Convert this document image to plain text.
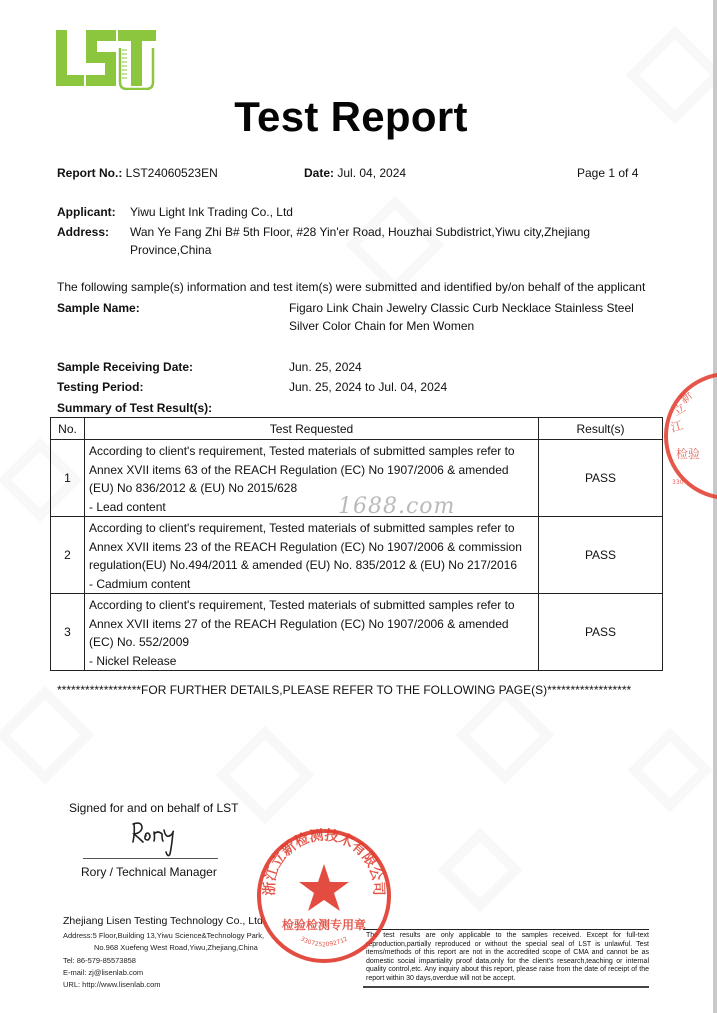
Test Report
Report No.: LST24060523EN	Date: Jul. 04, 2024	Page 1 of 4
Applicant: Yiwu Light Ink Trading Co., Ltd
Address: Wan Ye Fang Zhi B# 5th Floor, #28 Yin'er Road, Houzhai Subdistrict,Yiwu city,Zhejiang
Province,China
The following sample(s) information and test item(s) were submitted and identified by/on behalf of the applicant
Sample Name:	Figaro Link Chain Jewelry Classic Curb Necklace Stainless Steel
Silver Color Chain for Men Women
Sample Receiving Date:	Jun. 25, 2024
Testing Period:	Jun. 25, 2024 to Jul. 04, 2024
Summary of Test Result(s):
No.	Test Requested	Result(s)
1	According to client's requirement, Tested materials of submitted samples refer to
Annex XVII items 63 of the REACH Regulation (EC) No 1907/2006 & amended
(EU) No 836/2012 & (EU) No 2015/628
- Lead content	PASS
2	According to client's requirement, Tested materials of submitted samples refer to
Annex XVII items 23 of the REACH Regulation (EC) No 1907/2006 & commission
regulation(EU) No.494/2011 & amended (EU) No. 835/2012 & (EU) No 217/2016
- Cadmium content	PASS
3	According to client's requirement, Tested materials of submitted samples refer to
Annex XVII items 27 of the REACH Regulation (EC) No 1907/2006 & amended
(EC) No. 552/2009
- Nickel Release	PASS
1688.com
******************FOR FURTHER DETAILS,PLEASE REFER TO THE FOLLOWING PAGE(S)******************
Signed for and on behalf of LST
Rory / Technical Manager
Zhejiang Lisen Testing Technology Co., Ltd.
Address:5 Floor,Building 13,Yiwu Science&Technology Park,
No.968 Xuefeng West Road,Yiwu,Zhejiang,China
Tel: 86-579-85573858
E-mail: zj@lisenlab.com
URL: http://www.lisenlab.com
The test results are only applicable to the samples received. Except for full-text reproduction,partially reproduced or without the special seal of LST is unlawful. Test items/methods of this report are not in the accredited scope of CMA and cannot be as domestic social impartiality proof data,only for the client's research,teaching or internal quality control,etc. Any inquiry about this report, please raise from the date of receipt of the report within 30 days,overdue will not be accept.
浙江立新检测技术有限公司
检验检测专用章
3307252092712
立
新
江
检 验
330
